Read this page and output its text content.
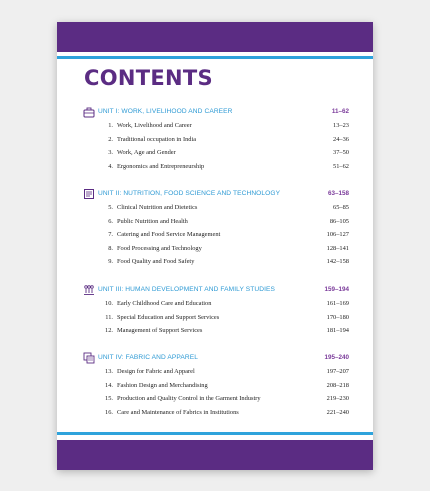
CONTENTS
UNIT I: WORK, LIVELIHOOD AND CAREER	11–62
1. Work, Livelihood and Career	13–23
2. Traditional occupation in India	24–36
3. Work, Age and Gender	37–50
4. Ergonomics and Entrepreneurship	51–62
UNIT II: NUTRITION, FOOD SCIENCE AND TECHNOLOGY	63–158
5. Clinical Nutrition and Dietetics	65–85
6. Public Nutrition and Health	86–105
7. Catering and Food Service Management	106–127
8. Food Processing and Technology	128–141
9. Food Quality and Food Safety	142–158
UNIT III: HUMAN DEVELOPMENT AND FAMILY STUDIES	159–194
10. Early Childhood Care and Education	161–169
11. Special Education and Support Services	170–180
12. Management of Support Services	181–194
UNIT IV: FABRIC AND APPAREL	195–240
13. Design for Fabric and Apparel	197–207
14. Fashion Design and Merchandising	208–218
15. Production and Quality Control in the Garment Industry	219–230
16. Care and Maintenance of Fabrics in Institutions	221–240
